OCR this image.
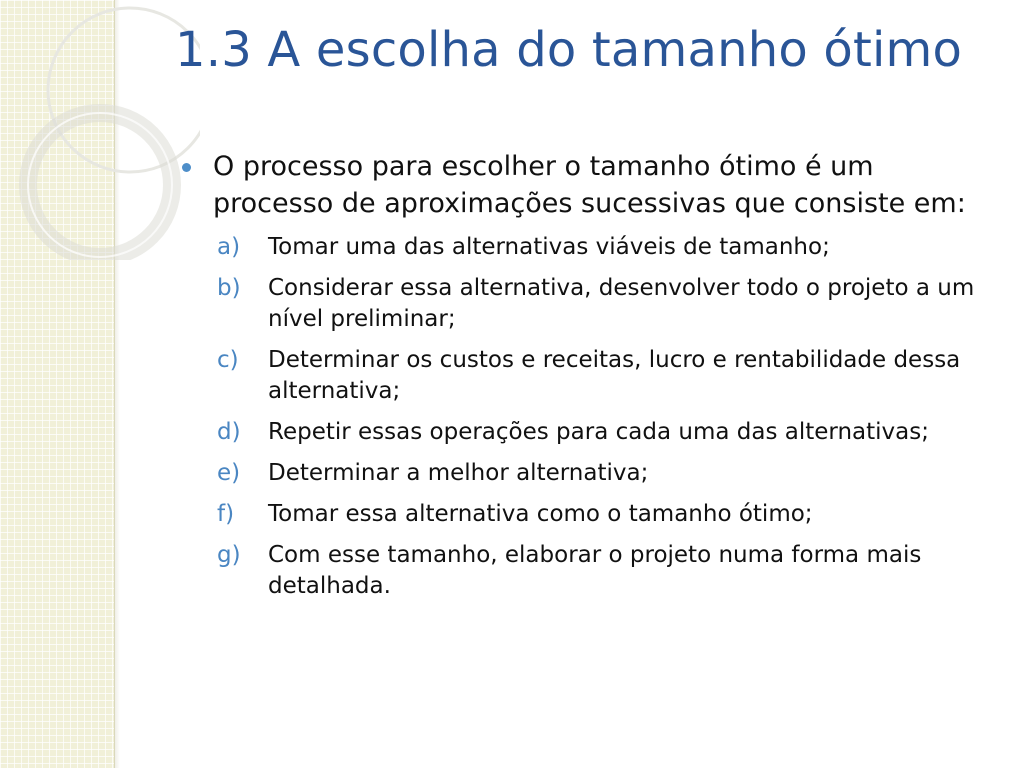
1.3 A escolha do tamanho ótimo
O processo para escolher o tamanho ótimo é um processo de aproximações sucessivas que consiste em:
a) Tomar uma das alternativas viáveis de tamanho;
b) Considerar essa alternativa, desenvolver todo o projeto a um nível preliminar;
c) Determinar os custos e receitas, lucro e rentabilidade dessa alternativa;
d) Repetir essas operações para cada uma das alternativas;
e) Determinar a melhor alternativa;
f) Tomar essa alternativa como o tamanho ótimo;
g) Com esse tamanho, elaborar o projeto numa forma mais detalhada.
